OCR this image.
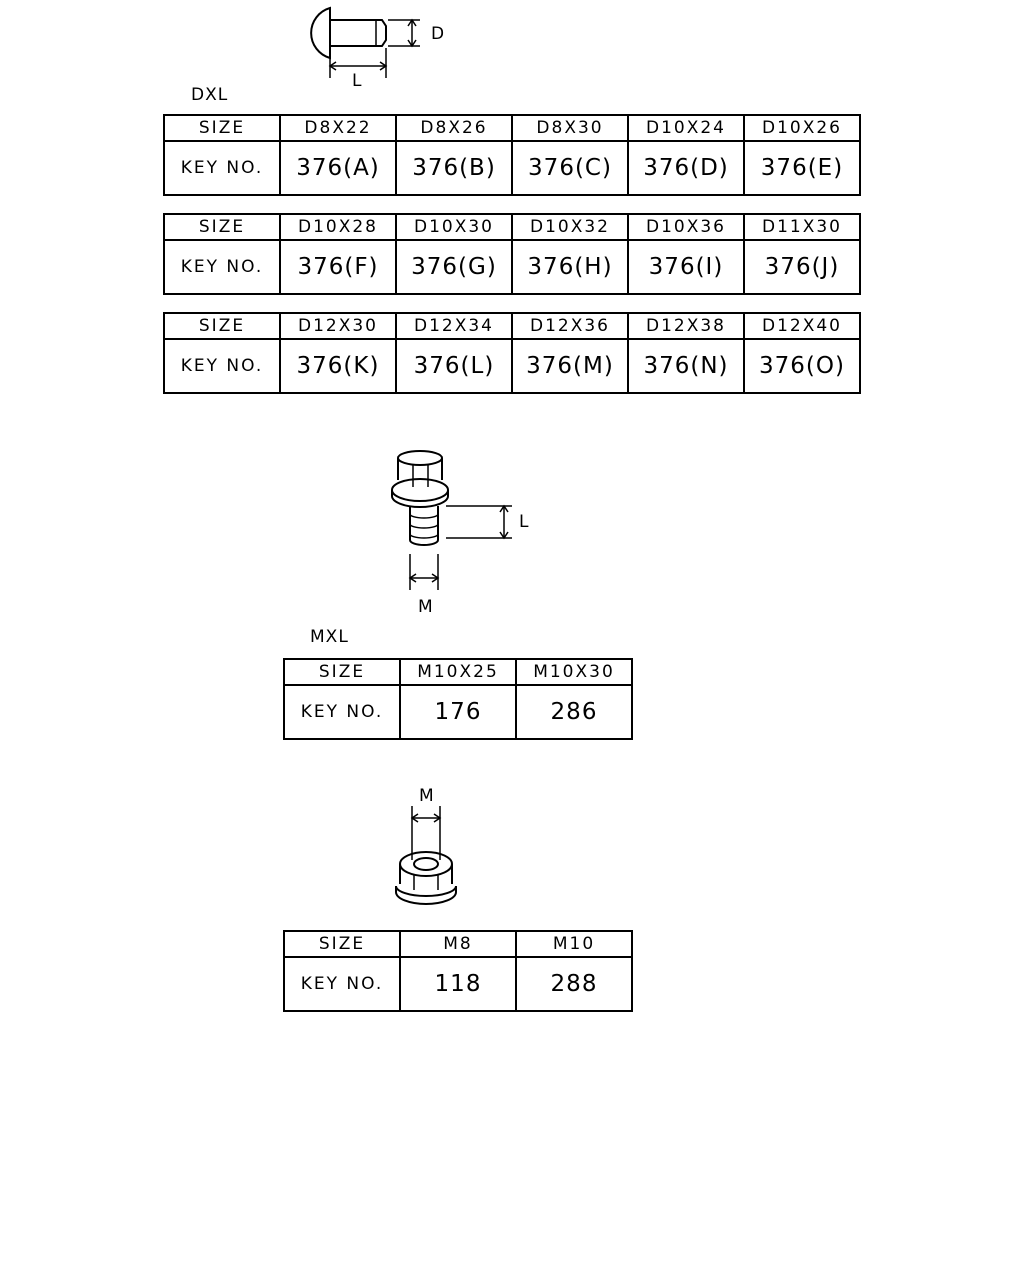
D
L
DXL
SIZE	D8X22	D8X26	D8X30	D10X24	D10X26
KEY NO.	376(A)	376(B)	376(C)	376(D)	376(E)
SIZE	D10X28	D10X30	D10X32	D10X36	D11X30
KEY NO.	376(F)	376(G)	376(H)	376(I)	376(J)
SIZE	D12X30	D12X34	D12X36	D12X38	D12X40
KEY NO.	376(K)	376(L)	376(M)	376(N)	376(O)
L
M
MXL
SIZE	M10X25	M10X30
KEY NO.	176	286
M
SIZE	M8	M10
KEY NO.	118	288
